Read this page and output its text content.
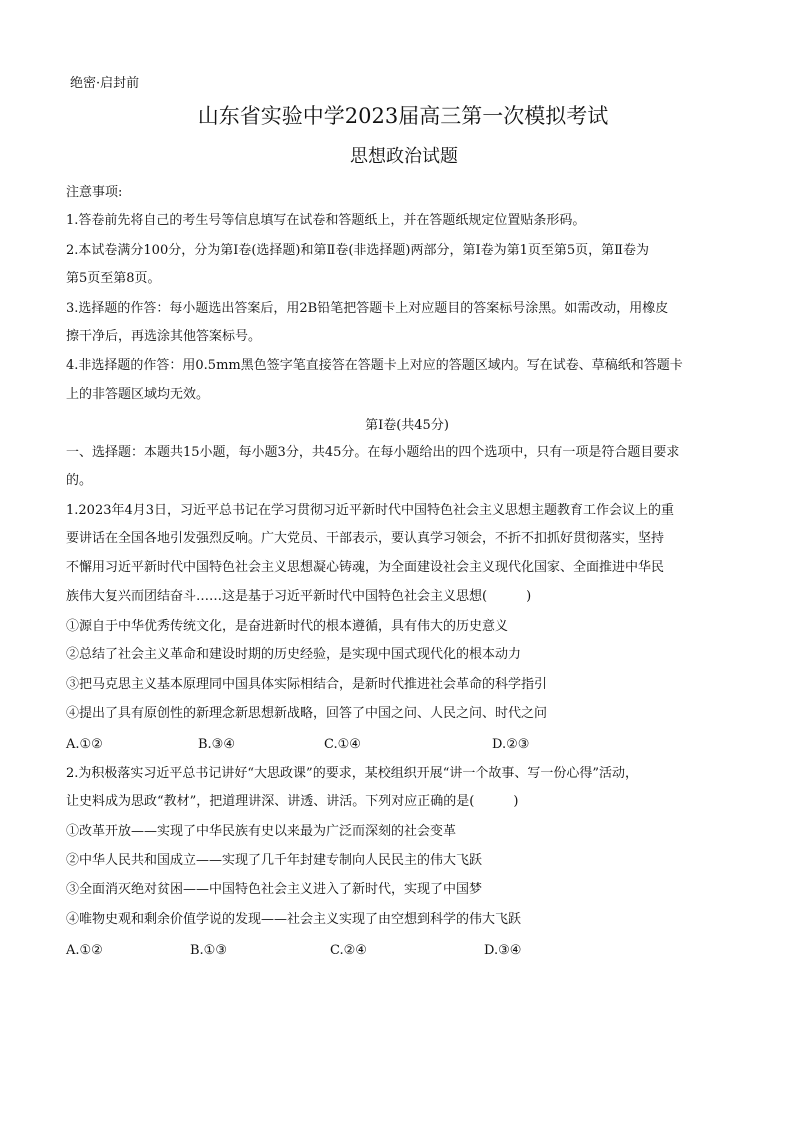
绝密·启封前
山东省实验中学2023届高三第一次模拟考试
思想政治试题
注意事项:
1.答卷前先将自己的考生号等信息填写在试卷和答题纸上，并在答题纸规定位置贴条形码。
2.本试卷满分100分，分为第Ⅰ卷(选择题)和第Ⅱ卷(非选择题)两部分，第Ⅰ卷为第1页至第5页，第Ⅱ卷为
第5页至第8页。
3.选择题的作答：每小题选出答案后，用2B铅笔把答题卡上对应题目的答案标号涂黑。如需改动，用橡皮
擦干净后，再选涂其他答案标号。
4.非选择题的作答：用0.5mm黑色签字笔直接答在答题卡上对应的答题区域内。写在试卷、草稿纸和答题卡
上的非答题区域均无效。
第Ⅰ卷(共45分)
一、选择题：本题共15小题，每小题3分，共45分。在每小题给出的四个选项中，只有一项是符合题目要求
的。
1.2023年4月3日，习近平总书记在学习贯彻习近平新时代中国特色社会主义思想主题教育工作会议上的重
要讲话在全国各地引发强烈反响。广大党员、干部表示，要认真学习领会，不折不扣抓好贯彻落实，坚持
不懈用习近平新时代中国特色社会主义思想凝心铸魂，为全面建设社会主义现代化国家、全面推进中华民
族伟大复兴而团结奋斗……这是基于习近平新时代中国特色社会主义思想(　　　)
①源自于中华优秀传统文化，是奋进新时代的根本遵循，具有伟大的历史意义
②总结了社会主义革命和建设时期的历史经验，是实现中国式现代化的根本动力
③把马克思主义基本原理同中国具体实际相结合，是新时代推进社会革命的科学指引
④提出了具有原创性的新理念新思想新战略，回答了中国之问、人民之问、时代之问
A.①②	B.③④	C.①④	D.②③
2.为积极落实习近平总书记讲好“大思政课”的要求，某校组织开展“讲一个故事、写一份心得”活动，
让史料成为思政“教材”，把道理讲深、讲透、讲活。下列对应正确的是(　　　)
①改革开放——实现了中华民族有史以来最为广泛而深刻的社会变革
②中华人民共和国成立——实现了几千年封建专制向人民民主的伟大飞跃
③全面消灭绝对贫困——中国特色社会主义进入了新时代，实现了中国梦
④唯物史观和剩余价值学说的发现——社会主义实现了由空想到科学的伟大飞跃
A.①②	B.①③	C.②④	D.③④
